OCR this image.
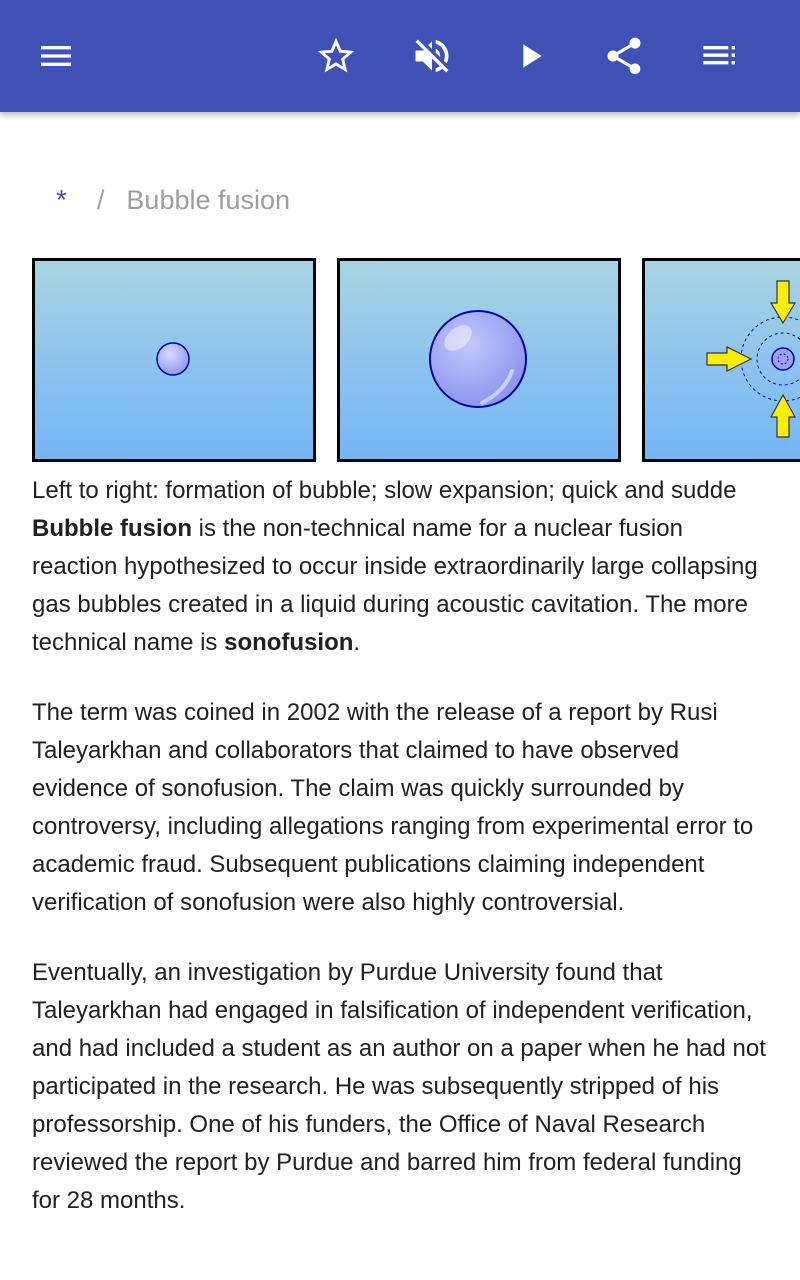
* / Bubble fusion
Left to right: formation of bubble; slow expansion; quick and sudde

Bubble fusion is the non-technical name for a nuclear fusion reaction hypothesized to occur inside extraordinarily large collapsing gas bubbles created in a liquid during acoustic cavitation. The more technical name is sonofusion.

The term was coined in 2002 with the release of a report by Rusi Taleyarkhan and collaborators that claimed to have observed evidence of sonofusion. The claim was quickly surrounded by controversy, including allegations ranging from experimental error to academic fraud. Subsequent publications claiming independent verification of sonofusion were also highly controversial.

Eventually, an investigation by Purdue University found that Taleyarkhan had engaged in falsification of independent verification, and had included a student as an author on a paper when he had not participated in the research. He was subsequently stripped of his professorship. One of his funders, the Office of Naval Research reviewed the report by Purdue and barred him from federal funding for 28 months.
